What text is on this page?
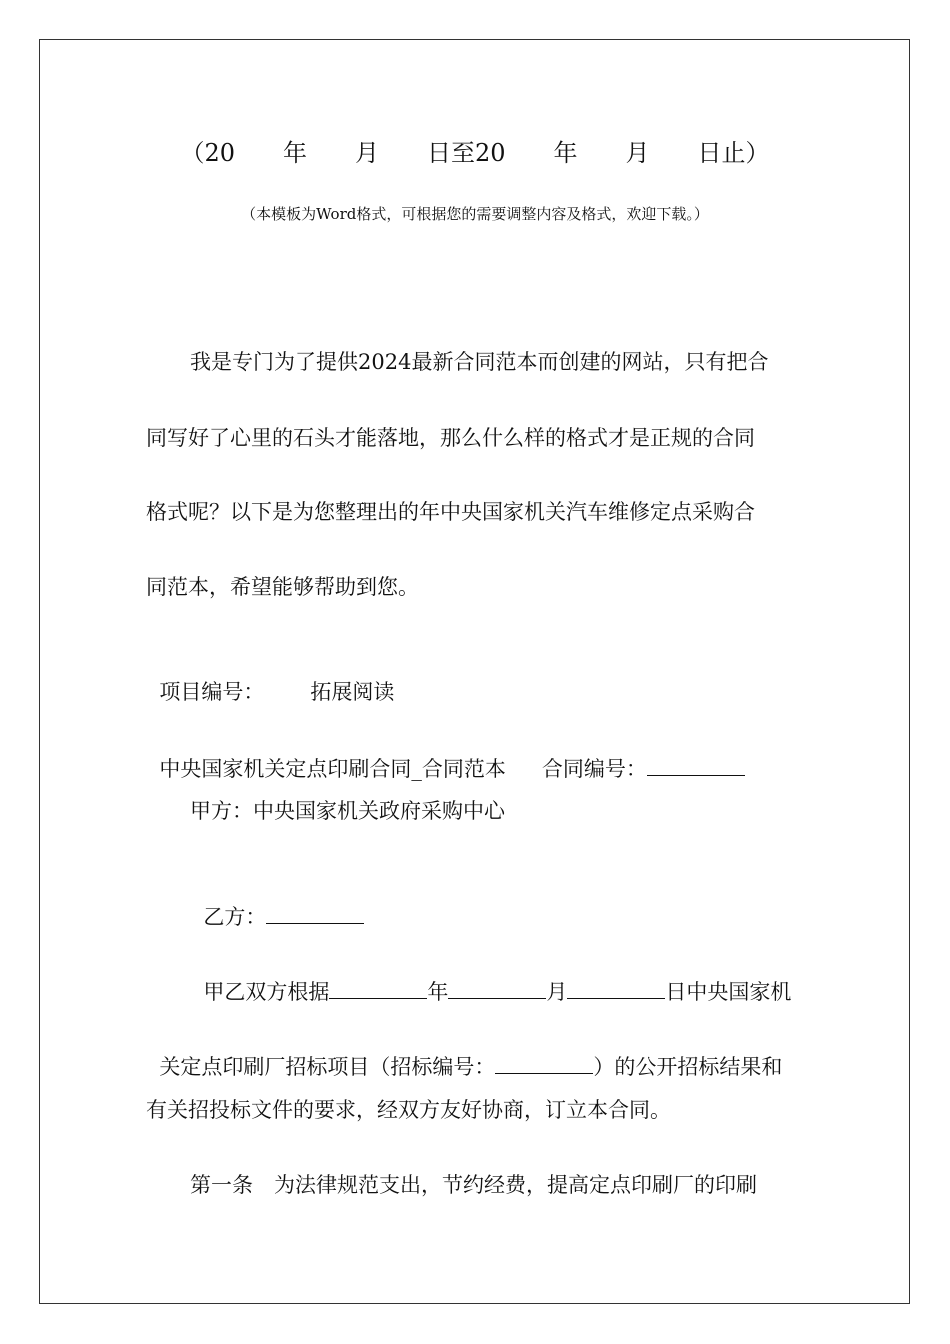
（20　　年　　月　　日至20　　年　　月　　日止）
（本模板为Word格式，可根据您的需要调整内容及格式，欢迎下载。）
我是专门为了提供2024最新合同范本而创建的网站，只有把合
同写好了心里的石头才能落地，那么什么样的格式才是正规的合同
格式呢？以下是为您整理出的年中央国家机关汽车维修定点采购合
同范本，希望能够帮助到您。

项目编号： 拓展阅读

中央国家机关定点印刷合同_合同范本 合同编号：

甲方：中央国家机关政府采购中心

乙方：

甲乙双方根据	年	月	日中央国家机

关定点印刷厂招标项目（招标编号：	）的公开招标结果和

有关招投标文件的要求，经双方友好协商，订立本合同。
第一条　为法律规范支出，节约经费，提高定点印刷厂的印刷
